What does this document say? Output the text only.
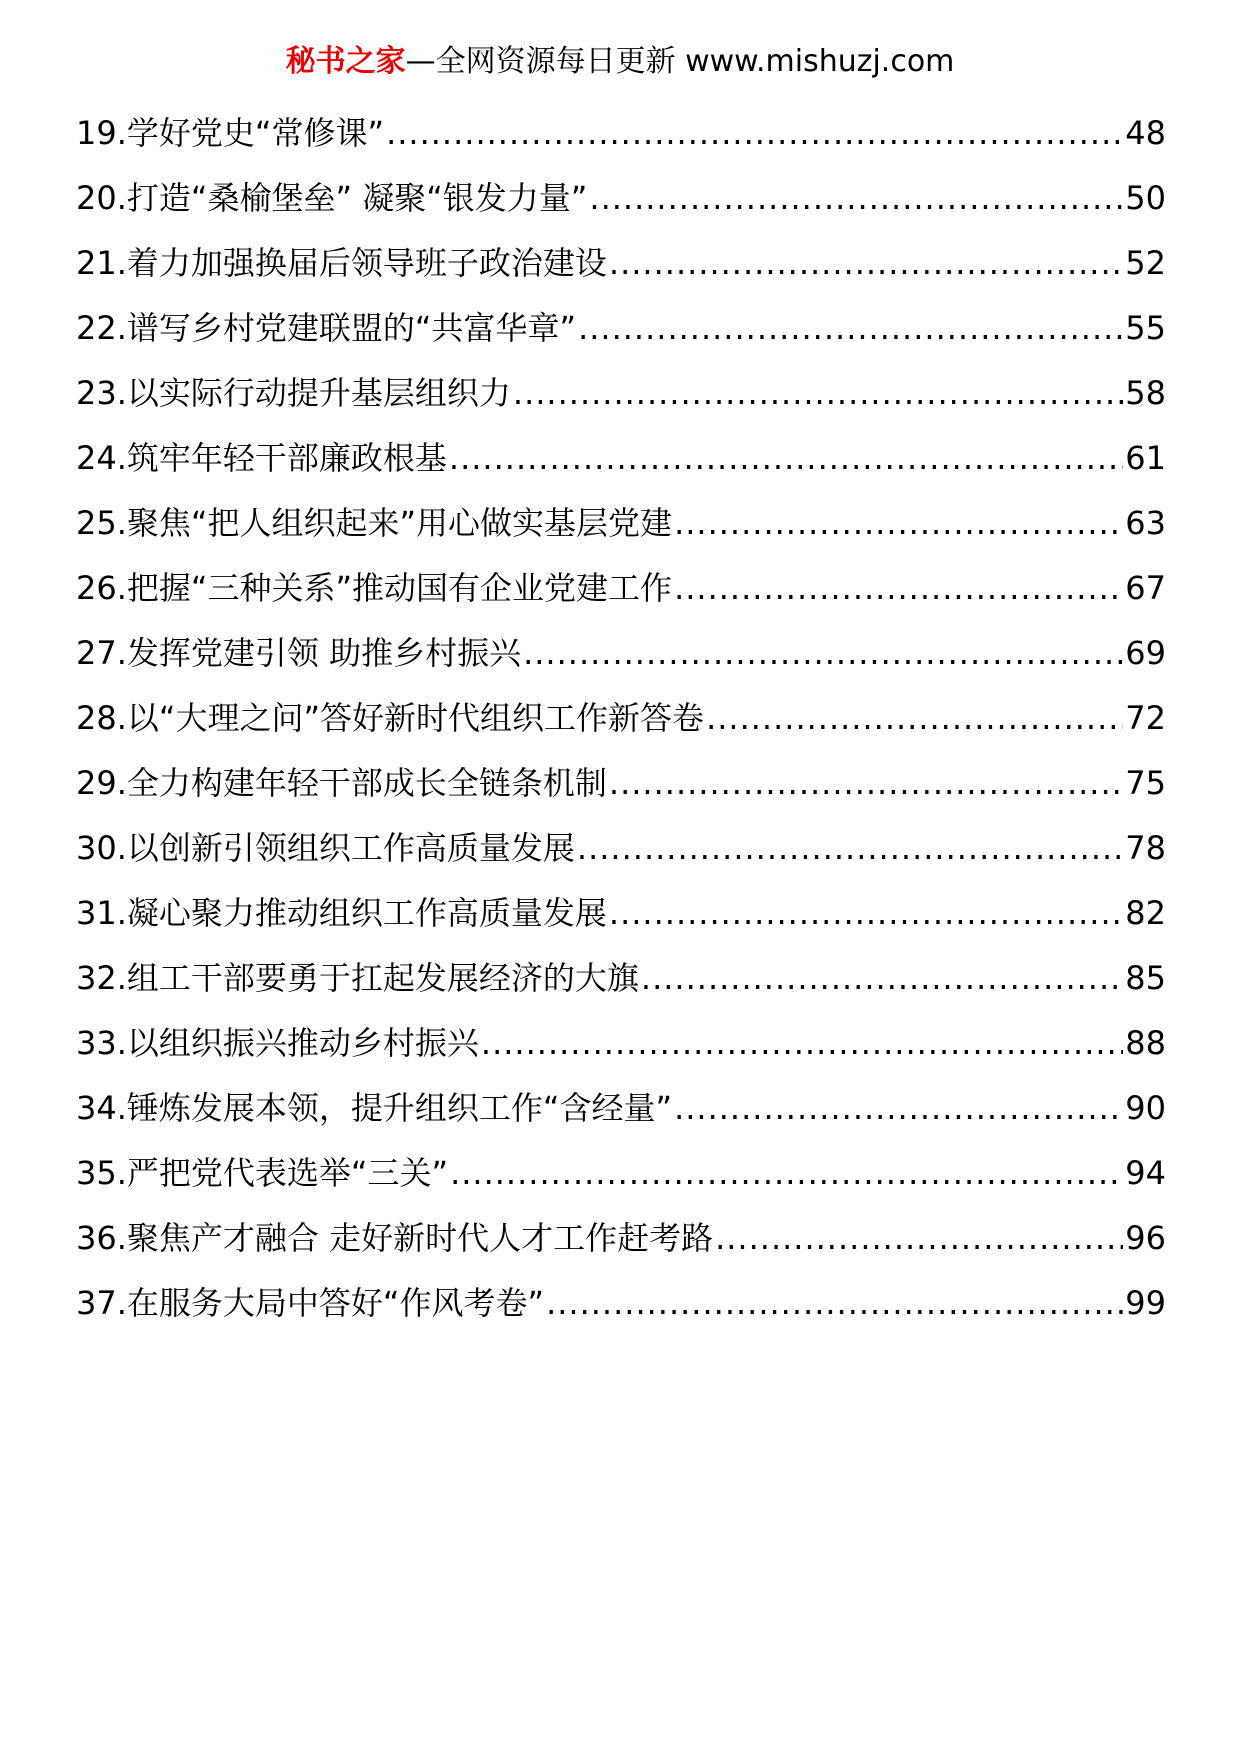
秘书之家—全网资源每日更新 www.mishuzj.com
19.学好党史“常修课” .....	48
20.打造“桑榆堡垒” 凝聚“银发力量” .....	50
21.着力加强换届后领导班子政治建设 .....	52
22.谱写乡村党建联盟的“共富华章” .....	55
23.以实际行动提升基层组织力 .....	58
24.筑牢年轻干部廉政根基 .....	61
25.聚焦“把人组织起来”用心做实基层党建 .....	63
26.把握“三种关系”推动国有企业党建工作 .....	67
27.发挥党建引领 助推乡村振兴 .....	69
28.以“大理之问”答好新时代组织工作新答卷 .....	72
29.全力构建年轻干部成长全链条机制 .....	75
30.以创新引领组织工作高质量发展 .....	78
31.凝心聚力推动组织工作高质量发展 .....	82
32.组工干部要勇于扛起发展经济的大旗 .....	85
33.以组织振兴推动乡村振兴 .....	88
34.锤炼发展本领，提升组织工作“含经量” .....	90
35.严把党代表选举“三关” .....	94
36.聚焦产才融合 走好新时代人才工作赶考路 .....	96
37.在服务大局中答好“作风考卷” .....	99
